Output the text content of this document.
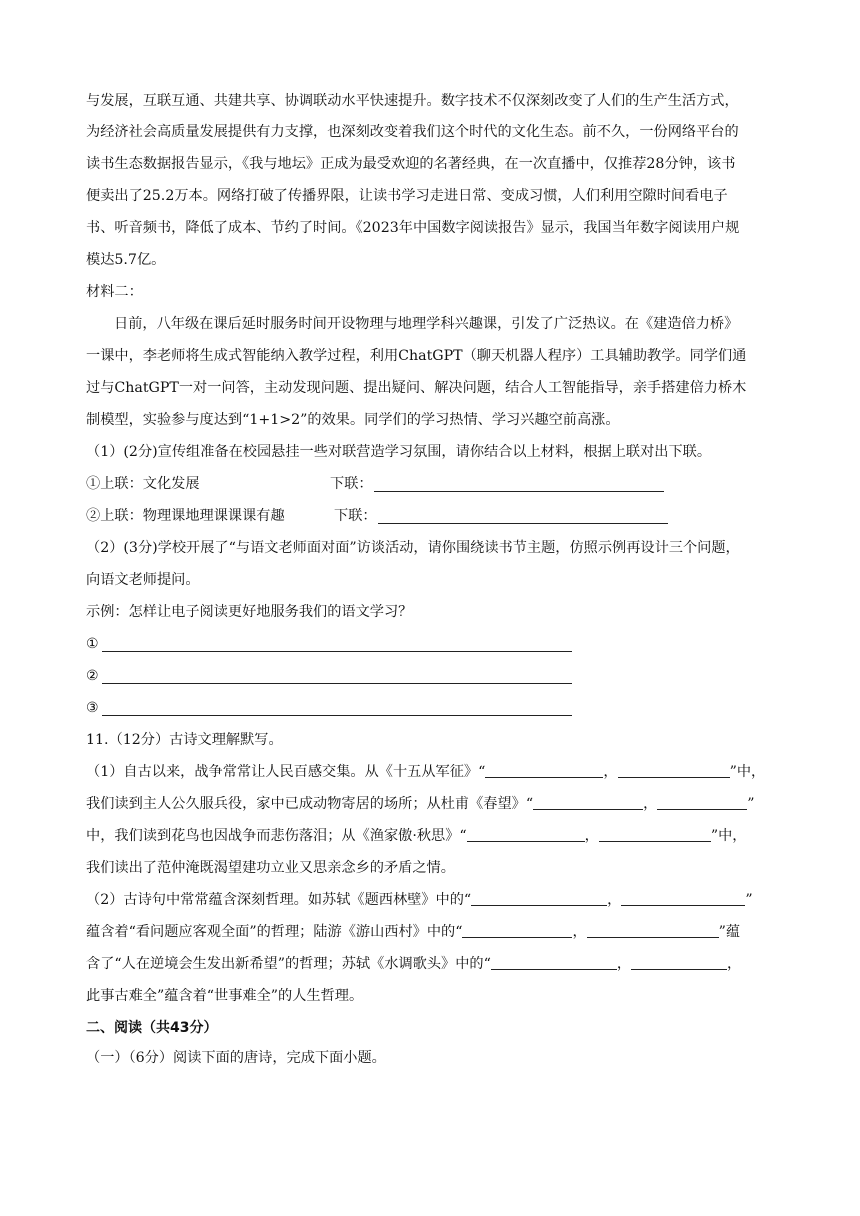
与发展，互联互通、共建共享、协调联动水平快速提升。数字技术不仅深刻改变了人们的生产生活方式，
为经济社会高质量发展提供有力支撑，也深刻改变着我们这个时代的文化生态。前不久，一份网络平台的
读书生态数据报告显示，《我与地坛》正成为最受欢迎的名著经典，在一次直播中，仅推荐28分钟，该书
便卖出了25.2万本。网络打破了传播界限，让读书学习走进日常、变成习惯，人们利用空隙时间看电子
书、听音频书，降低了成本、节约了时间。《2023年中国数字阅读报告》显示，我国当年数字阅读用户规
模达5.7亿。
材料二：
日前，八年级在课后延时服务时间开设物理与地理学科兴趣课，引发了广泛热议。在《建造倍力桥》
一课中，李老师将生成式智能纳入教学过程，利用ChatGPT（聊天机器人程序）工具辅助教学。同学们通
过与ChatGPT一对一问答，主动发现问题、提出疑问、解决问题，结合人工智能指导，亲手搭建倍力桥木
制模型，实验参与度达到“1+1>2”的效果。同学们的学习热情、学习兴趣空前高涨。
（1）(2分)宣传组准备在校园悬挂一些对联营造学习氛围，请你结合以上材料，根据上联对出下联。
①上联：文化发展	下联：
②上联：物理课地理课课课有趣	下联：
（2）(3分)学校开展了“与语文老师面对面”访谈活动，请你围绕读书节主题，仿照示例再设计三个问题，
向语文老师提问。
示例：怎样让电子阅读更好地服务我们的语文学习？
①
②
③
11.（12分）古诗文理解默写。
（1）自古以来，战争常常让人民百感交集。从《十五从军征》“	，	”中，
我们读到主人公久服兵役，家中已成动物寄居的场所；从杜甫《春望》“	，	”
中，我们读到花鸟也因战争而悲伤落泪；从《渔家傲·秋思》“	，	”中，
我们读出了范仲淹既渴望建功立业又思亲念乡的矛盾之情。
（2）古诗句中常常蕴含深刻哲理。如苏轼《题西林壁》中的“	，	”
蕴含着“看问题应客观全面”的哲理；陆游《游山西村》中的“	，	”蕴
含了“人在逆境会生发出新希望”的哲理；苏轼《水调歌头》中的“	，	，
此事古难全”蕴含着“世事难全”的人生哲理。
二、阅读（共43分）
（一）（6分）阅读下面的唐诗，完成下面小题。
